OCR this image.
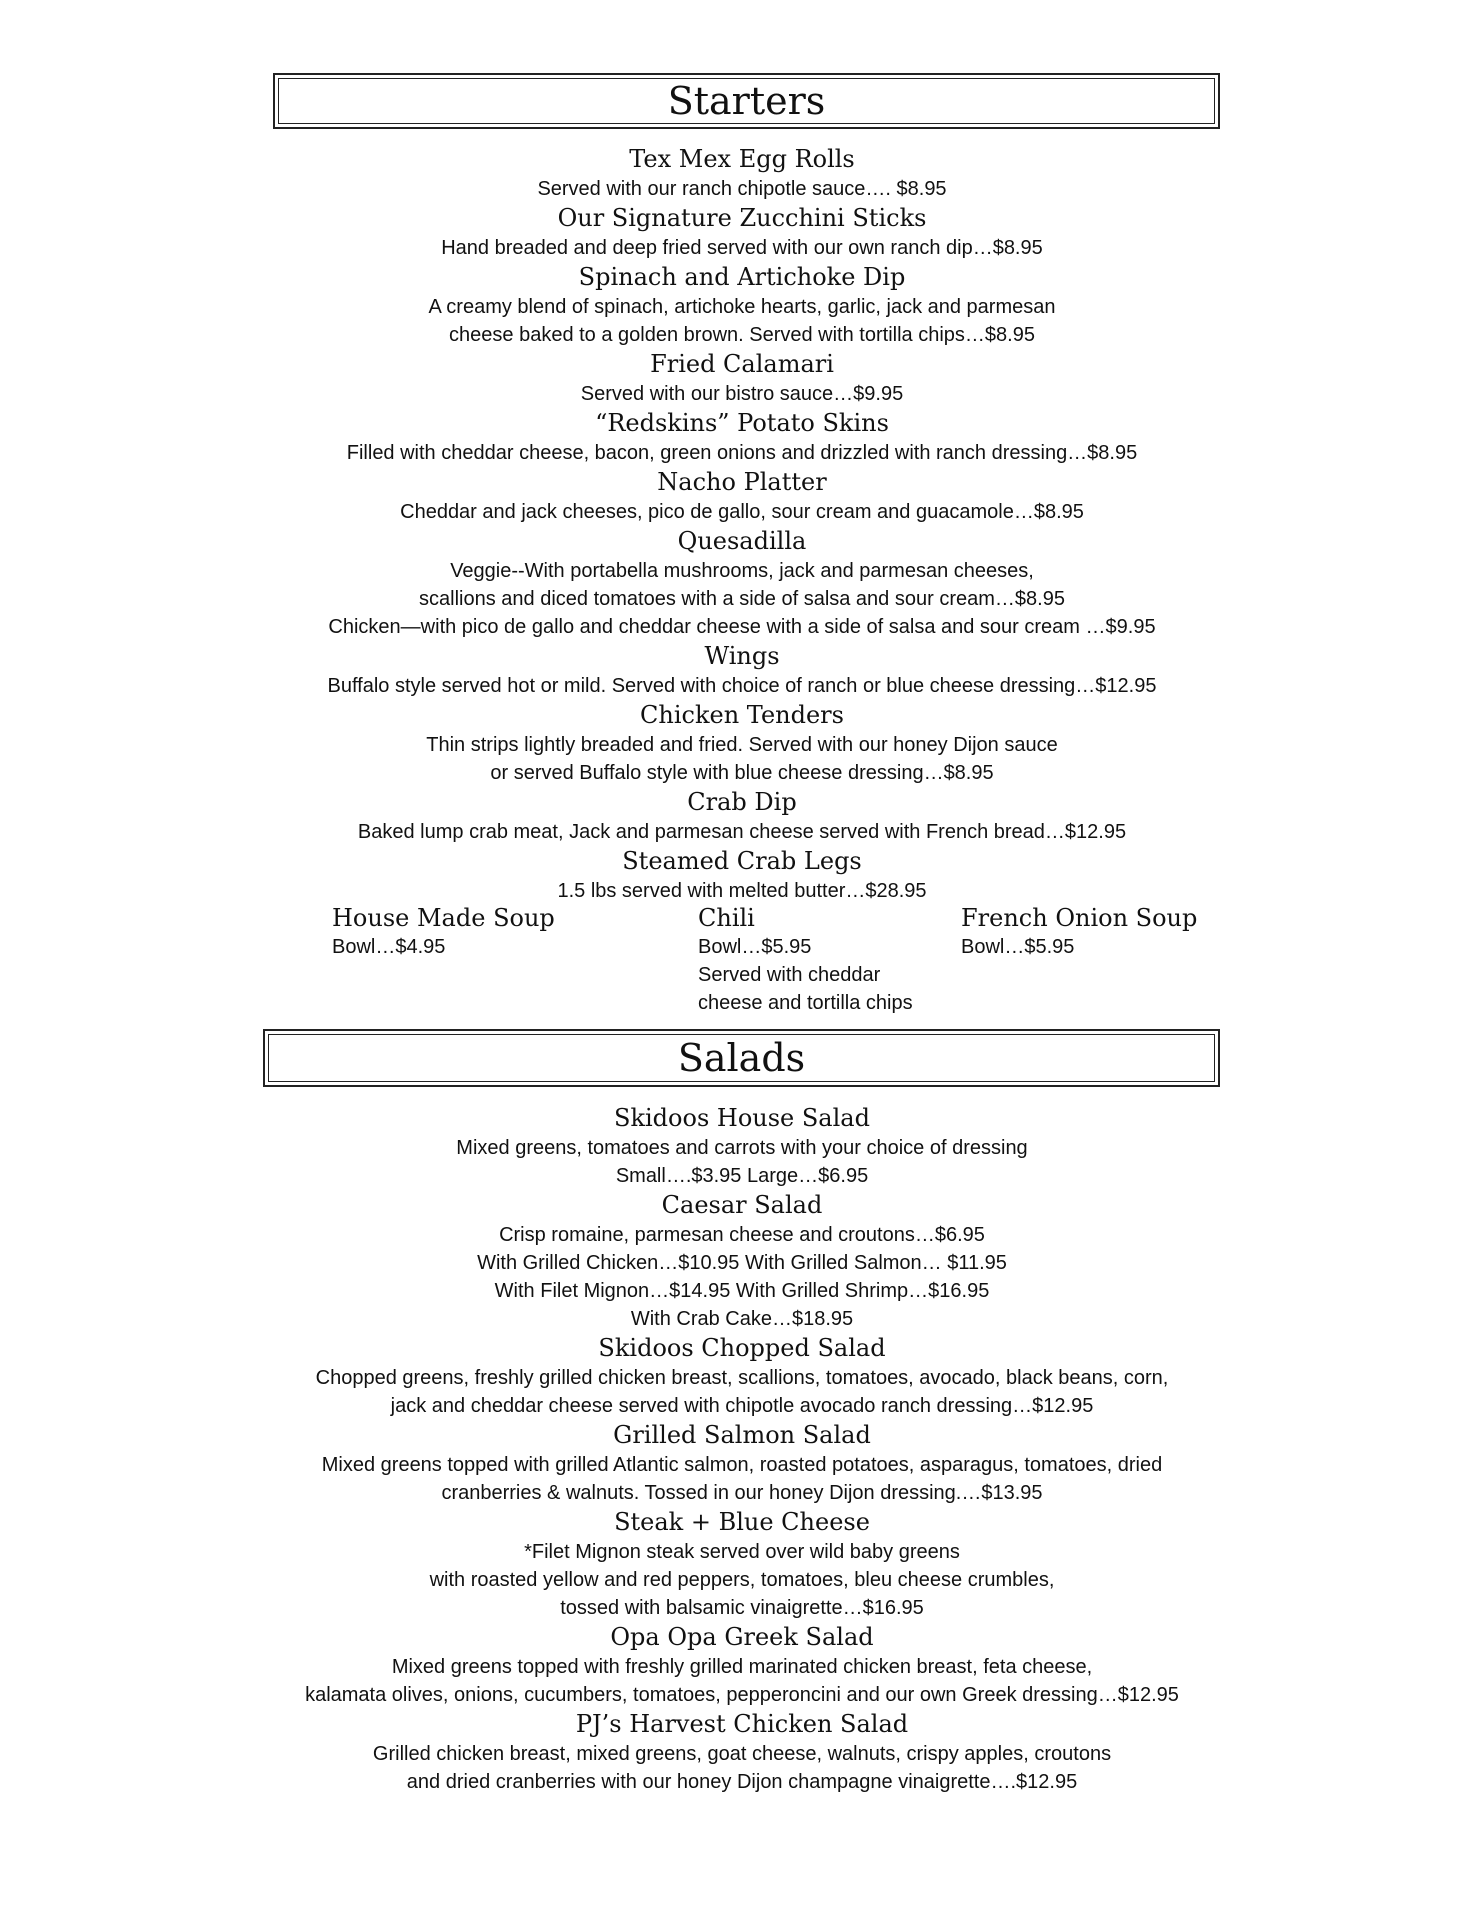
Starters
Tex Mex Egg Rolls
Served with our ranch chipotle sauce…. $8.95
Our Signature Zucchini Sticks
Hand breaded and deep fried served with our own ranch dip…$8.95
Spinach and Artichoke Dip
A creamy blend of spinach, artichoke hearts, garlic, jack and parmesan
cheese baked to a golden brown. Served with tortilla chips…$8.95
Fried Calamari
Served with our bistro sauce…$9.95
“Redskins” Potato Skins
Filled with cheddar cheese, bacon, green onions and drizzled with ranch dressing…$8.95
Nacho Platter
Cheddar and jack cheeses, pico de gallo, sour cream and guacamole…$8.95
Quesadilla
Veggie--With portabella mushrooms, jack and parmesan cheeses,
scallions and diced tomatoes with a side of salsa and sour cream…$8.95
Chicken—with pico de gallo and cheddar cheese with a side of salsa and sour cream …$9.95
Wings
Buffalo style served hot or mild. Served with choice of ranch or blue cheese dressing…$12.95
Chicken Tenders
Thin strips lightly breaded and fried. Served with our honey Dijon sauce
or served Buffalo style with blue cheese dressing…$8.95
Crab Dip
Baked lump crab meat, Jack and parmesan cheese served with French bread…$12.95
Steamed Crab Legs
1.5 lbs served with melted butter…$28.95
House Made Soup
Bowl…$4.95
Chili
Bowl…$5.95
Served with cheddar
cheese and tortilla chips
French Onion Soup
Bowl…$5.95
Salads
Skidoos House Salad
Mixed greens, tomatoes and carrots with your choice of dressing
Small….$3.95 Large…$6.95
Caesar Salad
Crisp romaine, parmesan cheese and croutons…$6.95
With Grilled Chicken…$10.95 With Grilled Salmon… $11.95
With Filet Mignon…$14.95 With Grilled Shrimp…$16.95
With Crab Cake…$18.95
Skidoos Chopped Salad
Chopped greens, freshly grilled chicken breast, scallions, tomatoes, avocado, black beans, corn,
jack and cheddar cheese served with chipotle avocado ranch dressing…$12.95
Grilled Salmon Salad
Mixed greens topped with grilled Atlantic salmon, roasted potatoes, asparagus, tomatoes, dried
cranberries & walnuts. Tossed in our honey Dijon dressing.…$13.95
Steak + Blue Cheese
*Filet Mignon steak served over wild baby greens
with roasted yellow and red peppers, tomatoes, bleu cheese crumbles,
tossed with balsamic vinaigrette…$16.95
Opa Opa Greek Salad
Mixed greens topped with freshly grilled marinated chicken breast, feta cheese,
kalamata olives, onions, cucumbers, tomatoes, pepperoncini and our own Greek dressing…$12.95
PJ’s Harvest Chicken Salad
Grilled chicken breast, mixed greens, goat cheese, walnuts, crispy apples, croutons
and dried cranberries with our honey Dijon champagne vinaigrette….$12.95
